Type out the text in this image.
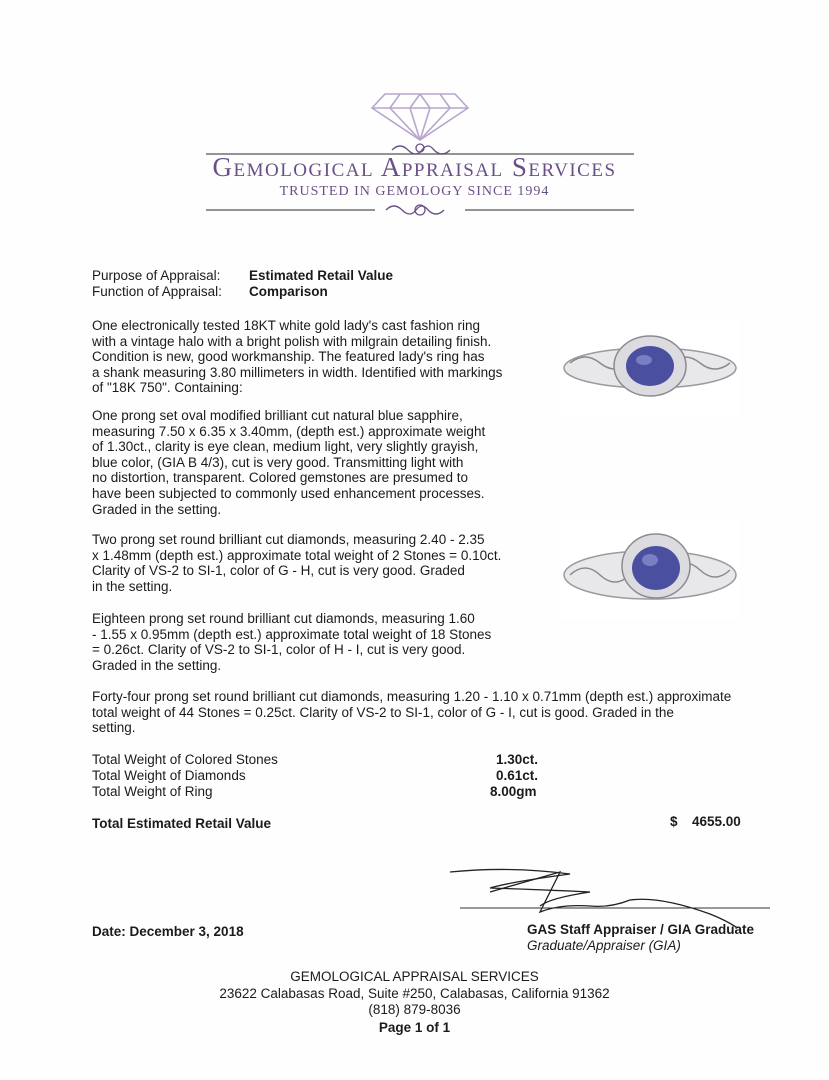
Gemological Appraisal Services
TRUSTED IN GEMOLOGY SINCE 1994
Purpose of Appraisal: Estimated Retail Value
Function of Appraisal: Comparison
One electronically tested 18KT white gold lady's cast fashion ring
with a vintage halo with a bright polish with milgrain detailing finish.
Condition is new, good workmanship. The featured lady's ring has
a shank measuring 3.80 millimeters in width. Identified with markings
of "18K 750". Containing:
One prong set oval modified brilliant cut natural blue sapphire,
measuring 7.50 x 6.35 x 3.40mm, (depth est.) approximate weight
of 1.30ct., clarity is eye clean, medium light, very slightly grayish,
blue color, (GIA B 4/3), cut is very good. Transmitting light with
no distortion, transparent. Colored gemstones are presumed to
have been subjected to commonly used enhancement processes.
Graded in the setting.
Two prong set round brilliant cut diamonds, measuring 2.40 - 2.35
x 1.48mm (depth est.) approximate total weight of 2 Stones = 0.10ct.
Clarity of VS-2 to SI-1, color of G - H, cut is very good. Graded
in the setting.
Eighteen prong set round brilliant cut diamonds, measuring 1.60
- 1.55 x 0.95mm (depth est.) approximate total weight of 18 Stones
= 0.26ct. Clarity of VS-2 to SI-1, color of H - I, cut is very good.
Graded in the setting.
Forty-four prong set round brilliant cut diamonds, measuring 1.20 - 1.10 x 0.71mm (depth est.) approximate
total weight of 44 Stones = 0.25ct. Clarity of VS-2 to SI-1, color of G - I, cut is good. Graded in the
setting.
Total Weight of Colored Stones	1.30ct.
Total Weight of Diamonds	0.61ct.
Total Weight of Ring	8.00gm
Total Estimated Retail Value	$ 4655.00
Date: December 3, 2018	GAS Staff Appraiser / GIA Graduate
Graduate/Appraiser (GIA)
GEMOLOGICAL APPRAISAL SERVICES
23622 Calabasas Road, Suite #250, Calabasas, California 91362
(818) 879-8036
Page 1 of 1
